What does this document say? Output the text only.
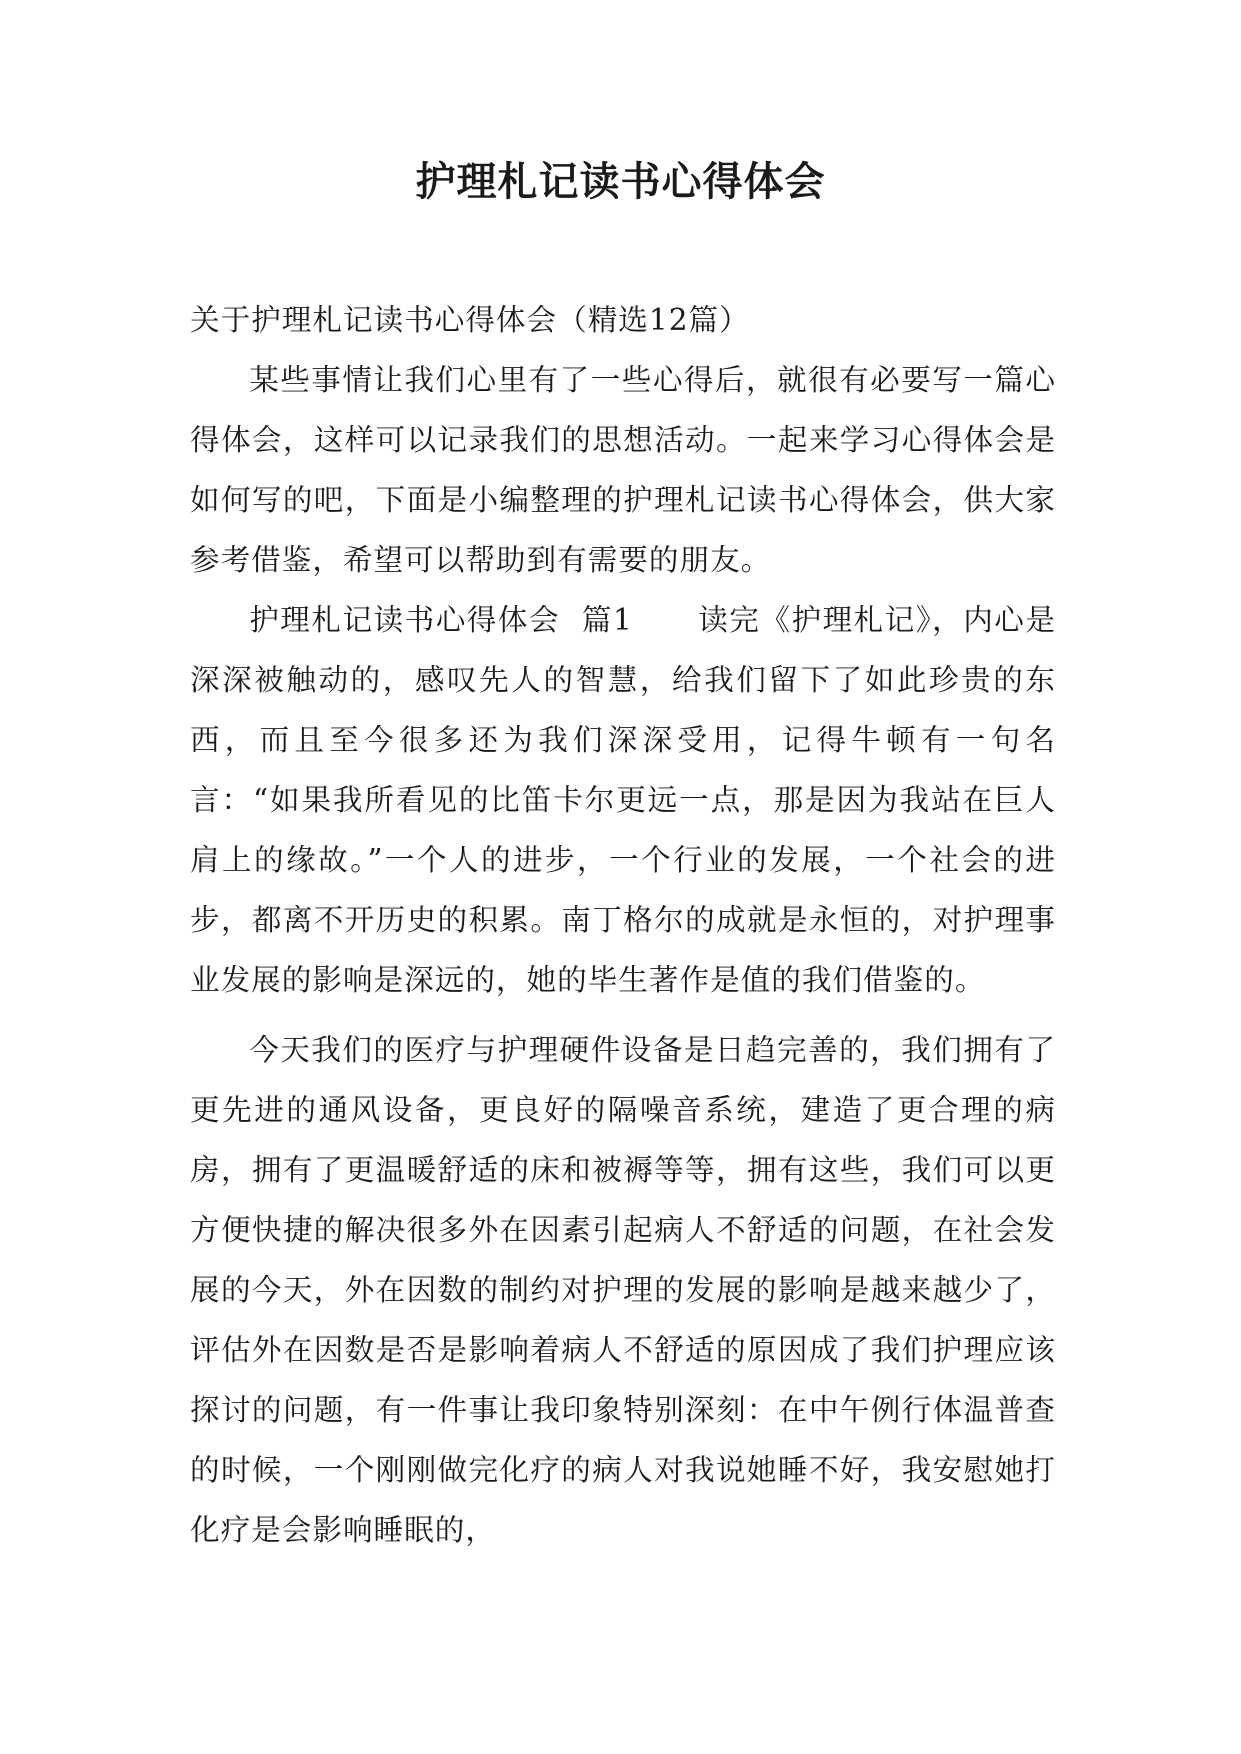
护理札记读书心得体会

关于护理札记读书心得体会（精选12篇）

某些事情让我们心里有了一些心得后，就很有必要写一篇心得体会，这样可以记录我们的思想活动。一起来学习心得体会是如何写的吧，下面是小编整理的护理札记读书心得体会，供大家参考借鉴，希望可以帮助到有需要的朋友。

护理札记读书心得体会  篇1 读完《护理札记》，内心是深深被触动的，感叹先人的智慧，给我们留下了如此珍贵的东西，而且至今很多还为我们深深受用，记得牛顿有一句名言：“如果我所看见的比笛卡尔更远一点，那是因为我站在巨人肩上的缘故。”一个人的进步，一个行业的发展，一个社会的进步，都离不开历史的积累。南丁格尔的成就是永恒的，对护理事业发展的影响是深远的，她的毕生著作是值的我们借鉴的。

今天我们的医疗与护理硬件设备是日趋完善的，我们拥有了更先进的通风设备，更良好的隔噪音系统，建造了更合理的病房，拥有了更温暖舒适的床和被褥等等，拥有这些，我们可以更方便快捷的解决很多外在因素引起病人不舒适的问题，在社会发展的今天，外在因数的制约对护理的发展的影响是越来越少了，评估外在因数是否是影响着病人不舒适的原因成了我们护理应该探讨的问题，有一件事让我印象特别深刻：在中午例行体温普查的时候，一个刚刚做完化疗的病人对我说她睡不好，我安慰她打化疗是会影响睡眠的，
